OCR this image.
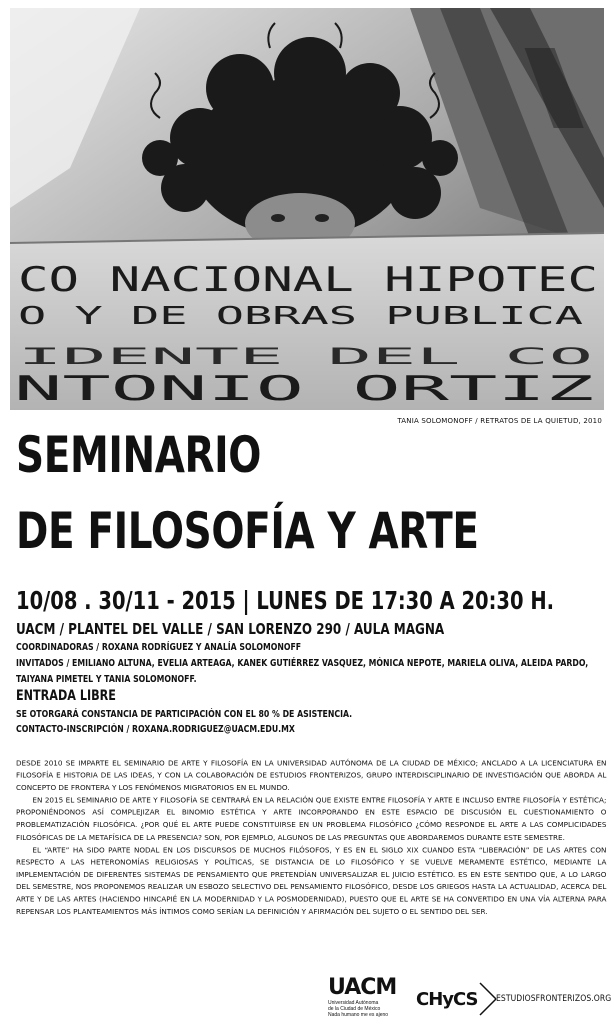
CO NACIONAL HIPOTEC
O Y DE OBRAS PUBLICA
IDENTE DEL CO
NTONIO ORTIZ
TANIA SOLOMONOFF / RETRATOS DE LA QUIETUD, 2010
SEMINARIO
DE FILOSOFÍA Y ARTE
10/08 . 30/11 - 2015 | LUNES DE 17:30 A 20:30 H.
UACM / PLANTEL DEL VALLE / SAN LORENZO 290 / AULA MAGNA
COORDINADORAS / ROXANA RODRÍGUEZ Y ANALÍA SOLOMONOFF
INVITADOS / EMILIANO ALTUNA, EVELIA ARTEAGA, KANEK GUTIÉRREZ VASQUEZ, MÓNICA NEPOTE, MARIELA OLIVA, ALEIDA PARDO,
TAIYANA PIMETEL Y TANIA SOLOMONOFF.
ENTRADA LIBRE
SE OTORGARÁ CONSTANCIA DE PARTICIPACIÓN CON EL 80 % DE ASISTENCIA.
CONTACTO-INSCRIPCIÓN / ROXANA.RODRIGUEZ@UACM.EDU.MX

DESDE 2010 SE IMPARTE EL SEMINARIO DE ARTE Y FILOSOFÍA EN LA UNIVERSIDAD AUTÓNOMA DE LA CIUDAD DE MÉXICO; ANCLADO A LA LICENCIATURA EN FILOSOFÍA E HISTORIA DE LAS IDEAS, Y CON LA COLABORACIÓN DE ESTUDIOS FRONTERIZOS, GRUPO INTERDISCIPLINARIO DE INVESTIGACIÓN QUE ABORDA AL CONCEPTO DE FRONTERA Y LOS FENÓMENOS MIGRATORIOS EN EL MUNDO.

EN 2015 EL SEMINARIO DE ARTE Y FILOSOFÍA SE CENTRARÁ EN LA RELACIÓN QUE EXISTE ENTRE FILOSOFÍA Y ARTE E INCLUSO ENTRE FILOSOFÍA Y ESTÉTICA; PROPONIÉNDONOS ASÍ COMPLEJIZAR EL BINOMIO ESTÉTICA Y ARTE INCORPORANDO EN ESTE ESPACIO DE DISCUSIÓN EL CUESTIONAMIENTO O PROBLEMATIZACIÓN FILOSÓFICA. ¿POR QUÉ EL ARTE PUEDE CONSTITUIRSE EN UN PROBLEMA FILOSÓFICO ¿CÓMO RESPONDE EL ARTE A LAS COMPLICIDADES FILOSÓFICAS DE LA METAFÍSICA DE LA PRESENCIA? SON, POR EJEMPLO, ALGUNOS DE LAS PREGUNTAS QUE ABORDAREMOS DURANTE ESTE SEMESTRE.

EL “ARTE” HA SIDO PARTE NODAL EN LOS DISCURSOS DE MUCHOS FILÓSOFOS, Y ES EN EL SIGLO XIX CUANDO ESTA “LIBERACIÓN” DE LAS ARTES CON RESPECTO A LAS HETERONOMÍAS RELIGIOSAS Y POLÍTICAS, SE DISTANCIA DE LO FILOSÓFICO Y SE VUELVE MERAMENTE ESTÉTICO, MEDIANTE LA IMPLEMENTACIÓN DE DIFERENTES SISTEMAS DE PENSAMIENTO QUE PRETENDÍAN UNIVERSALIZAR EL JUICIO ESTÉTICO. ES EN ESTE SENTIDO QUE, A LO LARGO DEL SEMESTRE, NOS PROPONEMOS REALIZAR UN ESBOZO SELECTIVO DEL PENSAMIENTO FILOSÓFICO, DESDE LOS GRIEGOS HASTA LA ACTUALIDAD, ACERCA DEL ARTE Y DE LAS ARTES (HACIENDO HINCAPIÉ EN LA MODERNIDAD Y LA POSMODERNIDAD), PUESTO QUE EL ARTE SE HA CONVERTIDO EN UNA VÍA ALTERNA PARA REPENSAR LOS PLANTEAMIENTOS MÁS ÍNTIMOS COMO SERÍAN LA DEFINICIÓN Y AFIRMACIÓN DEL SUJETO O EL SENTIDO DEL SER.

UACM
Universidad Autónoma
de la Ciudad de México
Nada humano me es ajeno
CHyCS ESTUDIOSFRONTERIZOS.ORG
